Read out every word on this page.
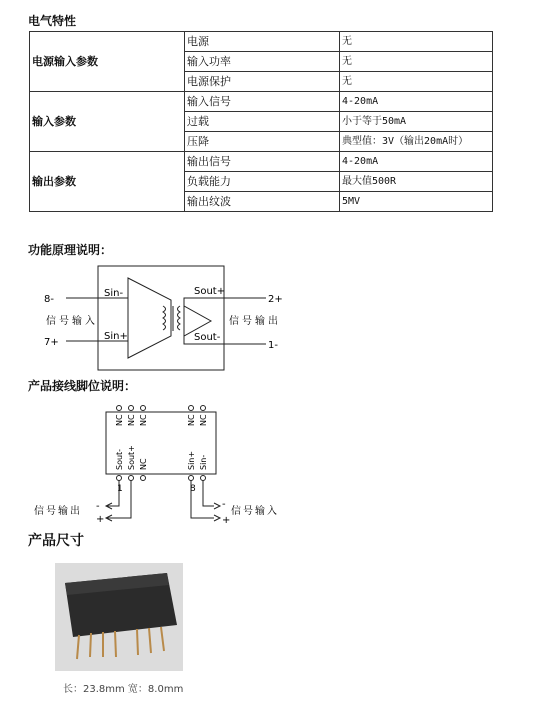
电气特性
电源输入参数	电源	无
	输入功率	无
	电源保护	无
输入参数	输入信号	4-20mA
	过载	小于等于50mA
	压降	典型值：3V（输出20mA时）
输出参数	输出信号	4-20mA
	负载能力	最大值500R
	输出纹波	5MV
功能原理说明：
8-
7+
Sin-
Sin+
Sout+
Sout-
2+
1-
信号输入	信号输出
产品接线脚位说明：
NC NC NC	NC NC
Sout- Sout+ NC	Sin+ Sin-
1	8
信号输出 -
+
-
+
信号输入
产品尺寸
长：23.8mm 宽：8.0mm
